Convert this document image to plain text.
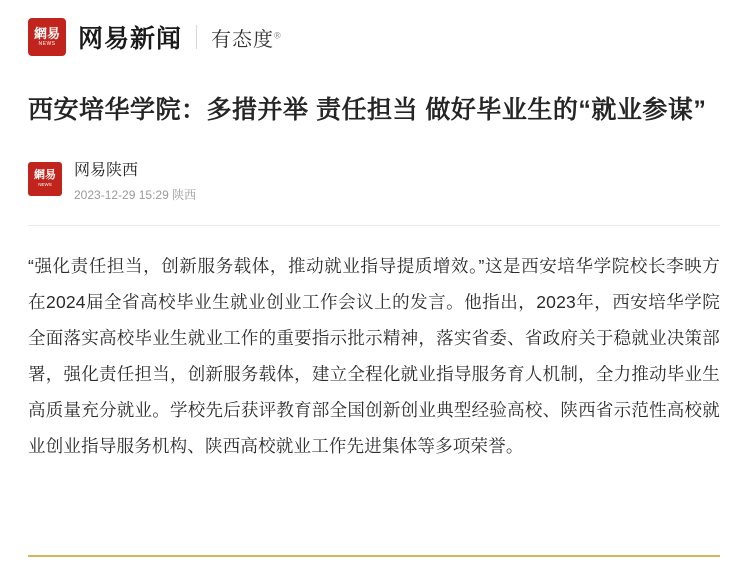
網易
NEWS 网易新闻 有态度®
西安培华学院：多措并举 责任担当 做好毕业生的“就业参谋”
網易
NEWS
网易陕西
2023-12-29 15:29 陕西

“强化责任担当，创新服务载体，推动就业指导提质增效。”这是西安培华学院校长李映方在2024届全省高校毕业生就业创业工作会议上的发言。他指出，2023年，西安培华学院全面落实高校毕业生就业工作的重要指示批示精神，落实省委、省政府关于稳就业决策部署，强化责任担当，创新服务载体，建立全程化就业指导服务育人机制，全力推动毕业生高质量充分就业。学校先后获评教育部全国创新创业典型经验高校、陕西省示范性高校就业创业指导服务机构、陕西高校就业工作先进集体等多项荣誉。
